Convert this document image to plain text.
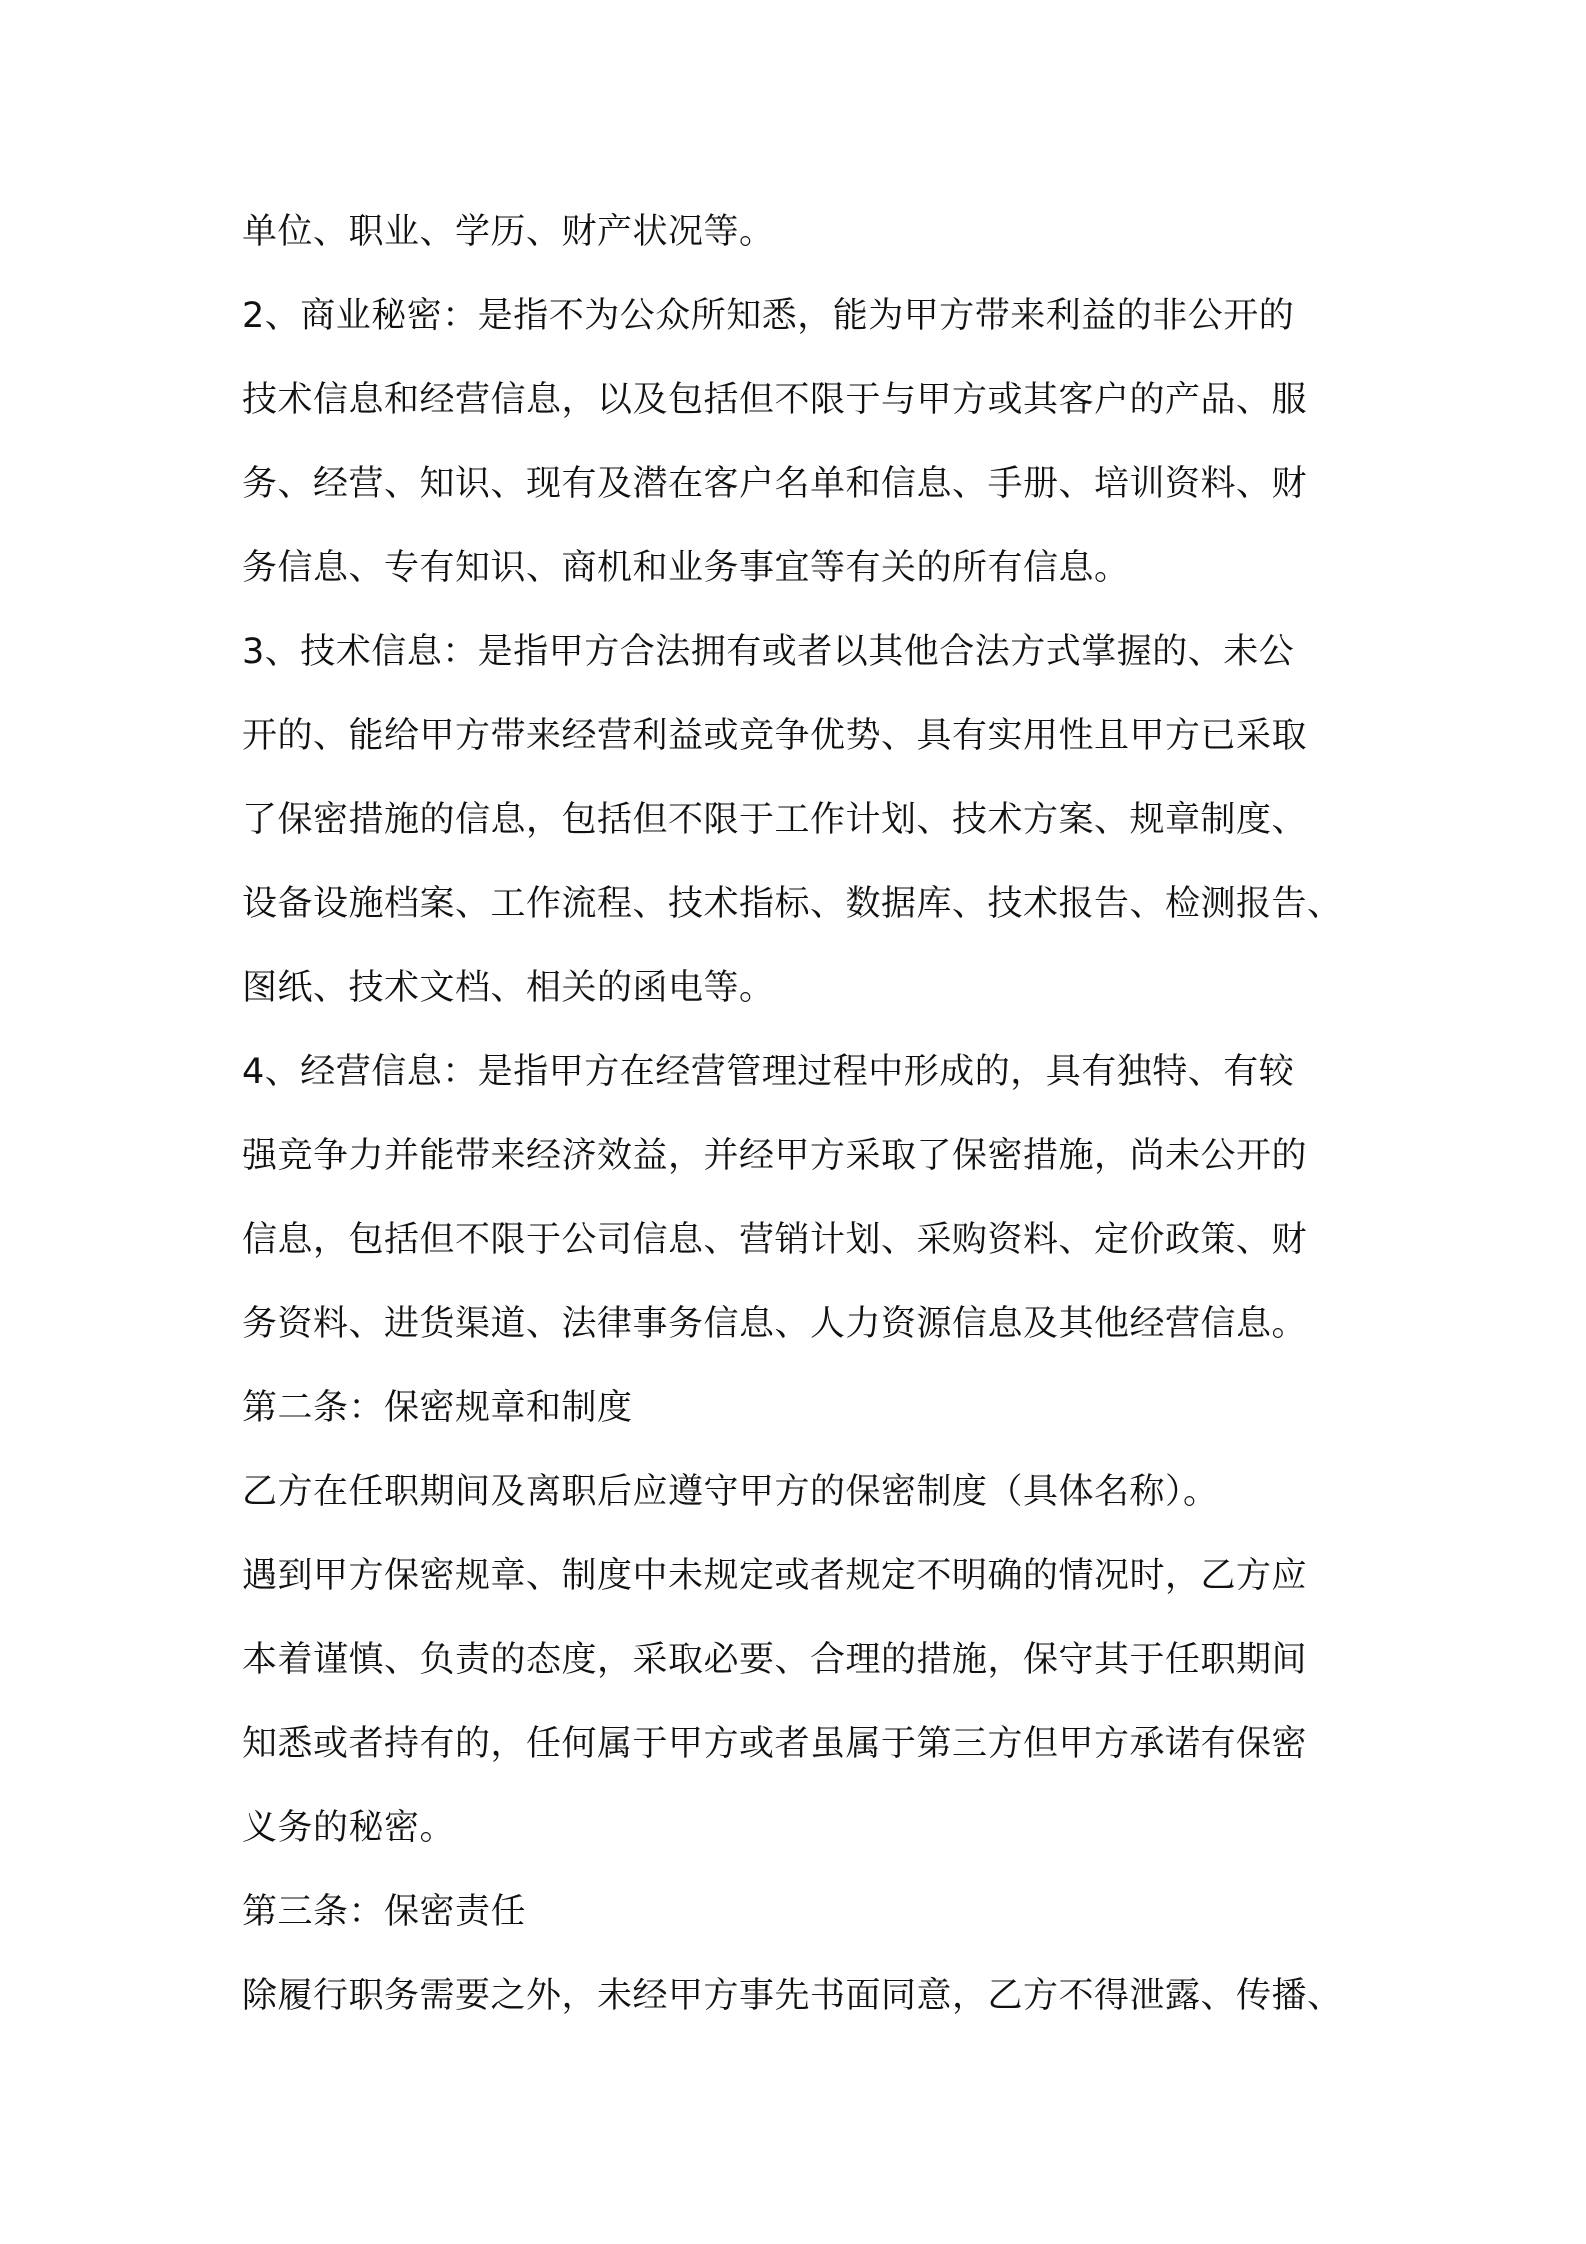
单位、职业、学历、财产状况等。
2、商业秘密：是指不为公众所知悉，能为甲方带来利益的非公开的
技术信息和经营信息，以及包括但不限于与甲方或其客户的产品、服
务、经营、知识、现有及潜在客户名单和信息、手册、培训资料、财
务信息、专有知识、商机和业务事宜等有关的所有信息。
3、技术信息：是指甲方合法拥有或者以其他合法方式掌握的、未公
开的、能给甲方带来经营利益或竞争优势、具有实用性且甲方已采取
了保密措施的信息，包括但不限于工作计划、技术方案、规章制度、
设备设施档案、工作流程、技术指标、数据库、技术报告、检测报告、
图纸、技术文档、相关的函电等。
4、经营信息：是指甲方在经营管理过程中形成的，具有独特、有较
强竞争力并能带来经济效益，并经甲方采取了保密措施，尚未公开的
信息，包括但不限于公司信息、营销计划、采购资料、定价政策、财
务资料、进货渠道、法律事务信息、人力资源信息及其他经营信息。
第二条：保密规章和制度
乙方在任职期间及离职后应遵守甲方的保密制度（具体名称）。
遇到甲方保密规章、制度中未规定或者规定不明确的情况时，乙方应
本着谨慎、负责的态度，采取必要、合理的措施，保守其于任职期间
知悉或者持有的，任何属于甲方或者虽属于第三方但甲方承诺有保密
义务的秘密。
第三条：保密责任
除履行职务需要之外，未经甲方事先书面同意，乙方不得泄露、传播、
